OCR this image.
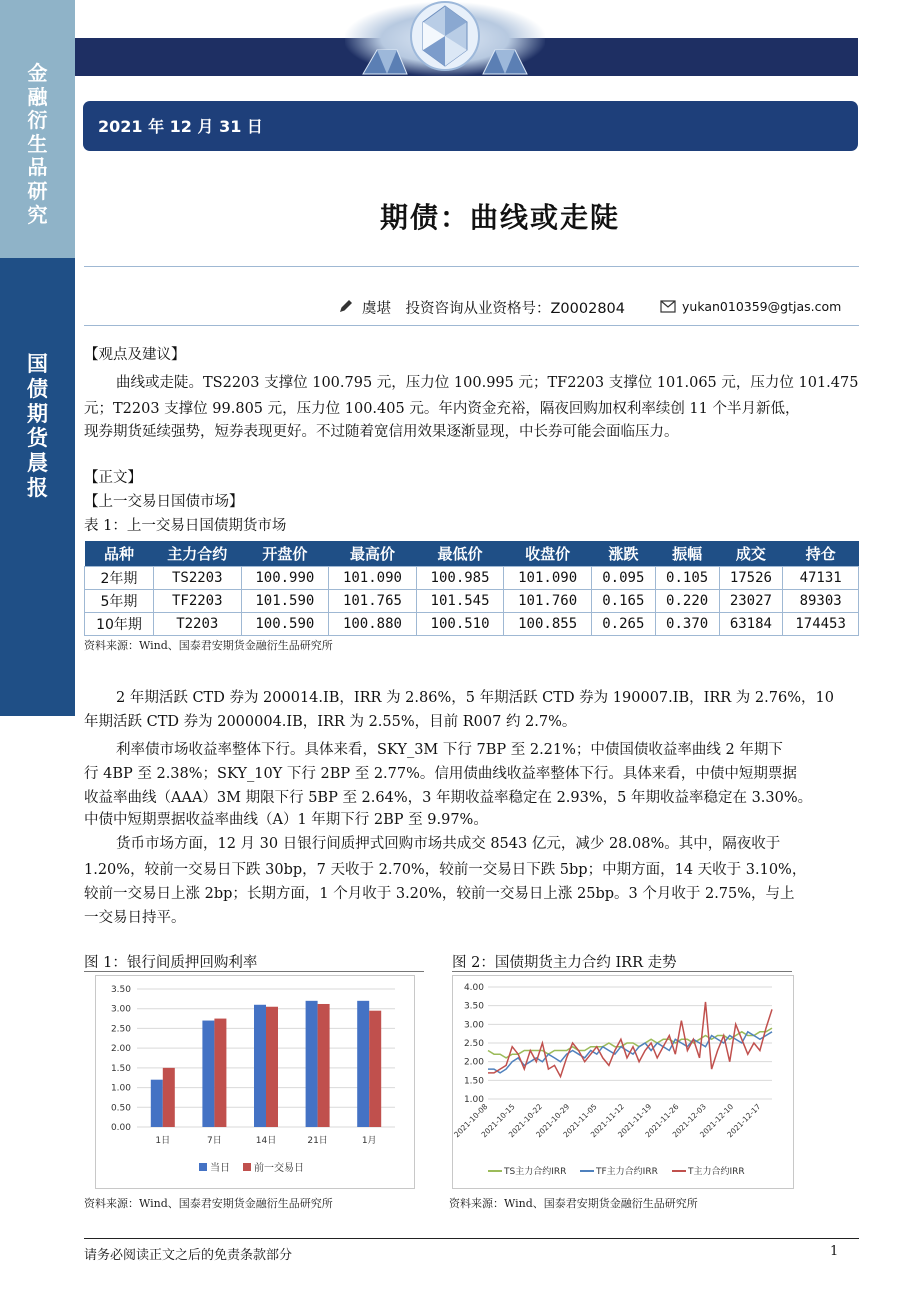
金
融
衍
生
品
研
究
国
债
期
货
晨
报
2021 年 12 月 31 日
期债：曲线或走陡
虞堪　投资咨询从业资格号：Z0002804	yukan010359@gtjas.com
【观点及建议】
曲线或走陡。TS2203 支撑位 100.795 元，压力位 100.995 元；TF2203 支撑位 101.065 元，压力位 101.475
元；T2203 支撑位 99.805 元，压力位 100.405 元。年内资金充裕，隔夜回购加权利率续创 11 个半月新低，
现券期货延续强势，短券表现更好。不过随着宽信用效果逐渐显现，中长券可能会面临压力。
【正文】
【上一交易日国债市场】
表 1：上一交易日国债期货市场
品种	主力合约	开盘价	最高价	最低价	收盘价	涨跌	振幅	成交	持仓
2年期	TS2203	100.990	101.090	100.985	101.090	0.095	0.105	17526	47131
5年期	TF2203	101.590	101.765	101.545	101.760	0.165	0.220	23027	89303
10年期	T2203	100.590	100.880	100.510	100.855	0.265	0.370	63184	174453
资料来源：Wind、国泰君安期货金融衍生品研究所
2 年期活跃 CTD 券为 200014.IB，IRR 为 2.86%，5 年期活跃 CTD 券为 190007.IB，IRR 为 2.76%，10
年期活跃 CTD 券为 2000004.IB，IRR 为 2.55%，目前 R007 约 2.7%。
利率债市场收益率整体下行。具体来看，SKY_3M 下行 7BP 至 2.21%；中债国债收益率曲线 2 年期下
行 4BP 至 2.38%；SKY_10Y 下行 2BP 至 2.77%。信用债曲线收益率整体下行。具体来看，中债中短期票据
收益率曲线（AAA）3M 期限下行 5BP 至 2.64%，3 年期收益率稳定在 2.93%，5 年期收益率稳定在 3.30%。
中债中短期票据收益率曲线（A）1 年期下行 2BP 至 9.97%。
货币市场方面，12 月 30 日银行间质押式回购市场共成交 8543 亿元，减少 28.08%。其中，隔夜收于
1.20%，较前一交易日下跌 30bp，7 天收于 2.70%，较前一交易日下跌 5bp；中期方面，14 天收于 3.10%，
较前一交易日上涨 2bp；长期方面，1 个月收于 3.20%，较前一交易日上涨 25bp。3 个月收于 2.75%，与上
一交易日持平。
图 1：银行间质押回购利率	图 2：国债期货主力合约 IRR 走势
0.00
0.50
1.00
1.50
2.00
2.50
3.00
3.50
1日	7日	14日	21日	1月
当日 前一交易日
资料来源：Wind、国泰君安期货金融衍生品研究所
1.00
1.50
2.00
2.50
3.00
3.50
4.00
2021-10-08
2021-10-15
2021-10-22
2021-10-29
2021-11-05
2021-11-12
2021-11-19
2021-11-26
2021-12-03
2021-12-10
2021-12-17
TS主力合约IRR	TF主力合约IRR	T主力合约IRR
资料来源：Wind、国泰君安期货金融衍生品研究所
请务必阅读正文之后的免责条款部分	1
